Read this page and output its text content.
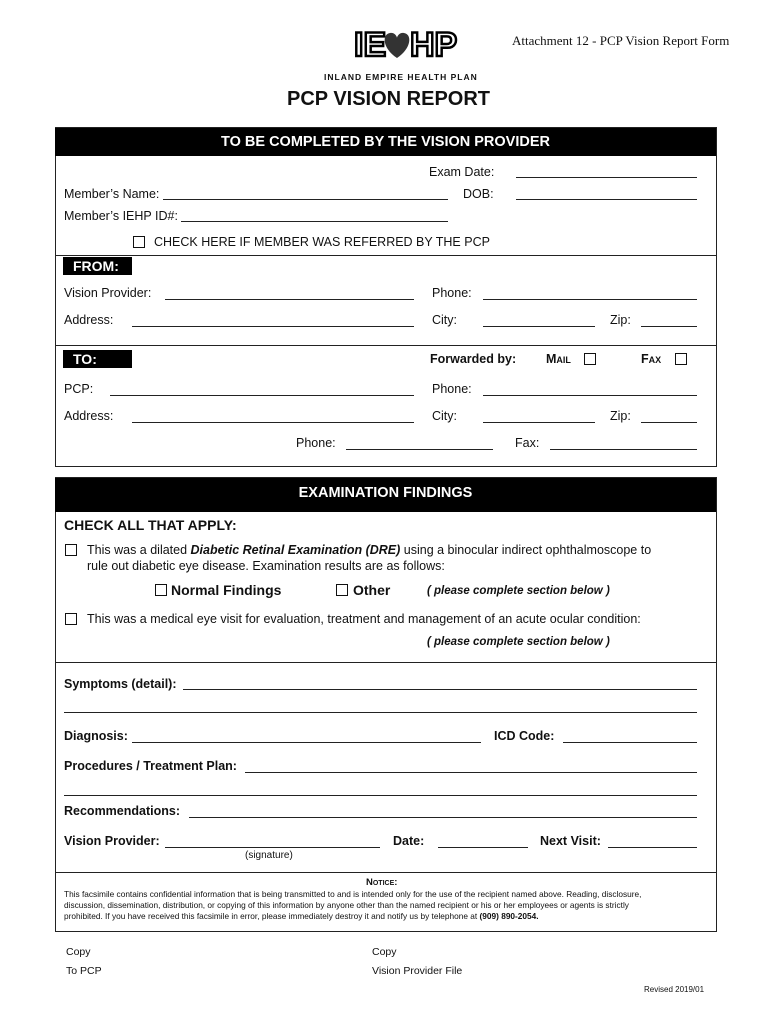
IE HP
INLAND EMPIRE HEALTH PLAN
Attachment 12 - PCP Vision Report Form
PCP VISION REPORT
TO BE COMPLETED BY THE VISION PROVIDER
Exam Date:
Member’s Name:	DOB:
Member’s IEHP ID#:
CHECK HERE IF MEMBER WAS REFERRED BY THE PCP
FROM:
Vision Provider:	Phone:
Address:	City:	Zip:
TO:	Forwarded by: Mail	Fax
PCP:	Phone:
Address:	City:	Zip:
Phone:	Fax:
EXAMINATION FINDINGS
CHECK ALL THAT APPLY:
This was a dilated Diabetic Retinal Examination (DRE) using a binocular indirect ophthalmoscope to
rule out diabetic eye disease. Examination results are as follows:
Normal Findings	Other	( please complete section below )
This was a medical eye visit for evaluation, treatment and management of an acute ocular condition:
( please complete section below )
Symptoms (detail):
Diagnosis:	ICD Code:
Procedures / Treatment Plan:
Recommendations:
Vision Provider:
(signature)
Date:	Next Visit:
Notice:
This facsimile contains confidential information that is being transmitted to and is intended only for the use of the recipient named above. Reading, disclosure,
discussion, dissemination, distribution, or copying of this information by anyone other than the named recipient or his or her employees or agents is strictly
prohibited. If you have received this facsimile in error, please immediately destroy it and notify us by telephone at (909) 890-2054.
Copy
To PCP
Copy
Vision Provider File
Revised 2019/01
